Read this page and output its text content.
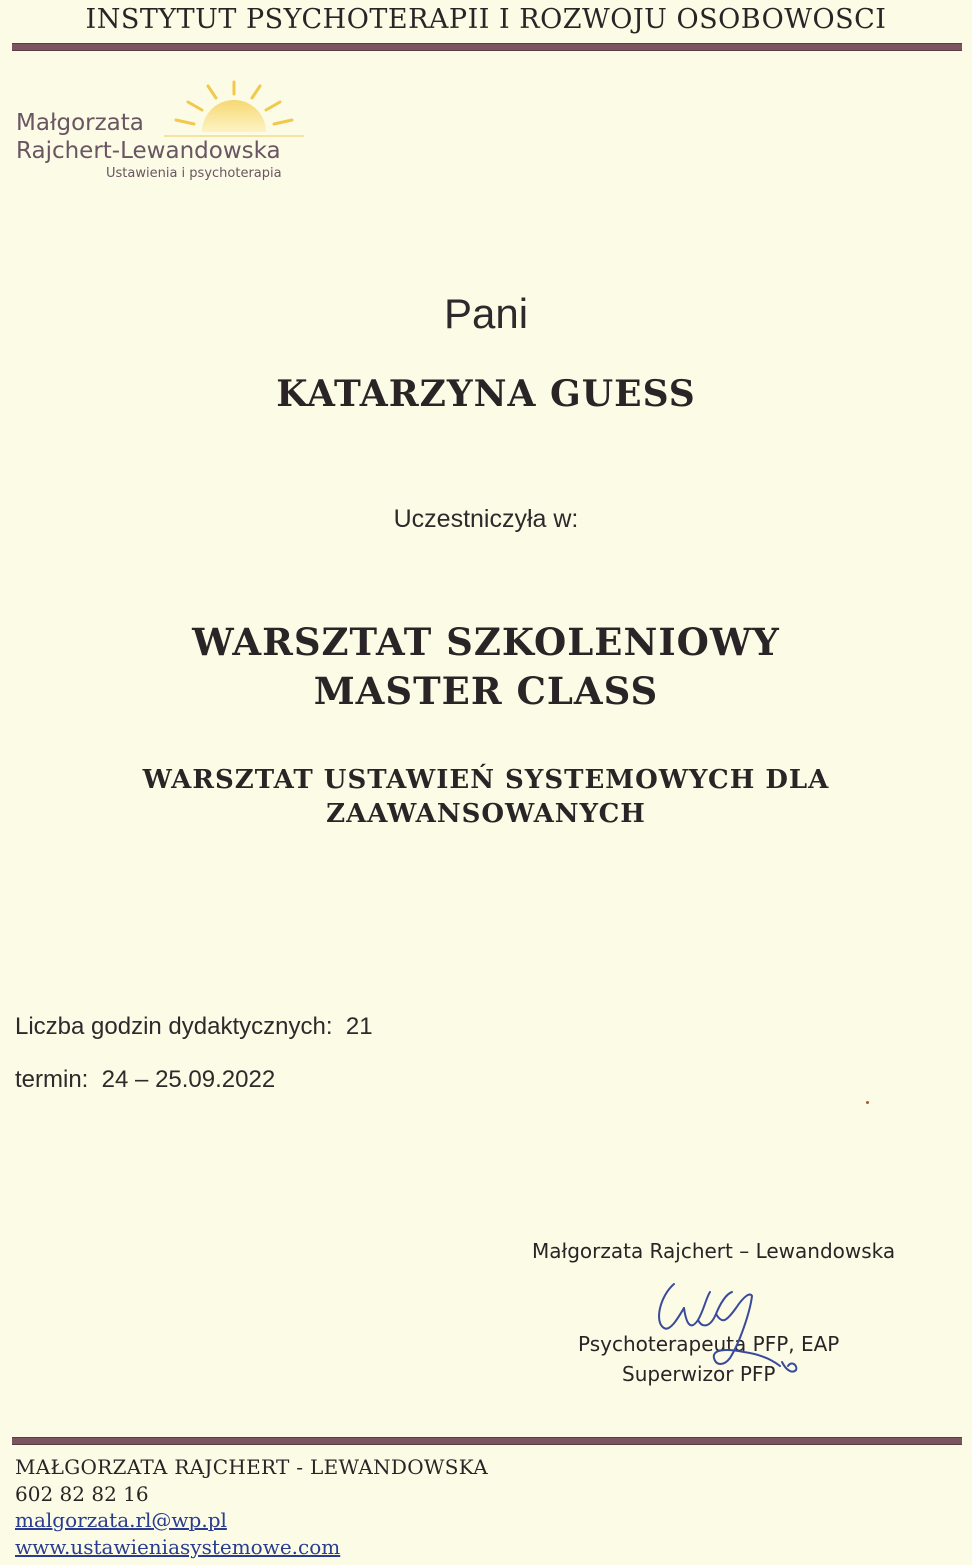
INSTYTUT PSYCHOTERAPII I ROZWOJU OSOBOWOSCI
Małgorzata
Rajchert-Lewandowska
Ustawienia i psychoterapia
Pani
KATARZYNA GUESS
Uczestniczyła w:
WARSZTAT SZKOLENIOWY
MASTER CLASS
WARSZTAT USTAWIEŃ SYSTEMOWYCH DLA
ZAAWANSOWANYCH
Liczba godzin dydaktycznych:  21
termin:  24 – 25.09.2022
Małgorzata Rajchert – Lewandowska
Psychoterapeuta PFP, EAP
Superwizor PFP
MAŁGORZATA RAJCHERT - LEWANDOWSKA
602 82 82 16
malgorzata.rl@wp.pl
www.ustawieniasystemowe.com
